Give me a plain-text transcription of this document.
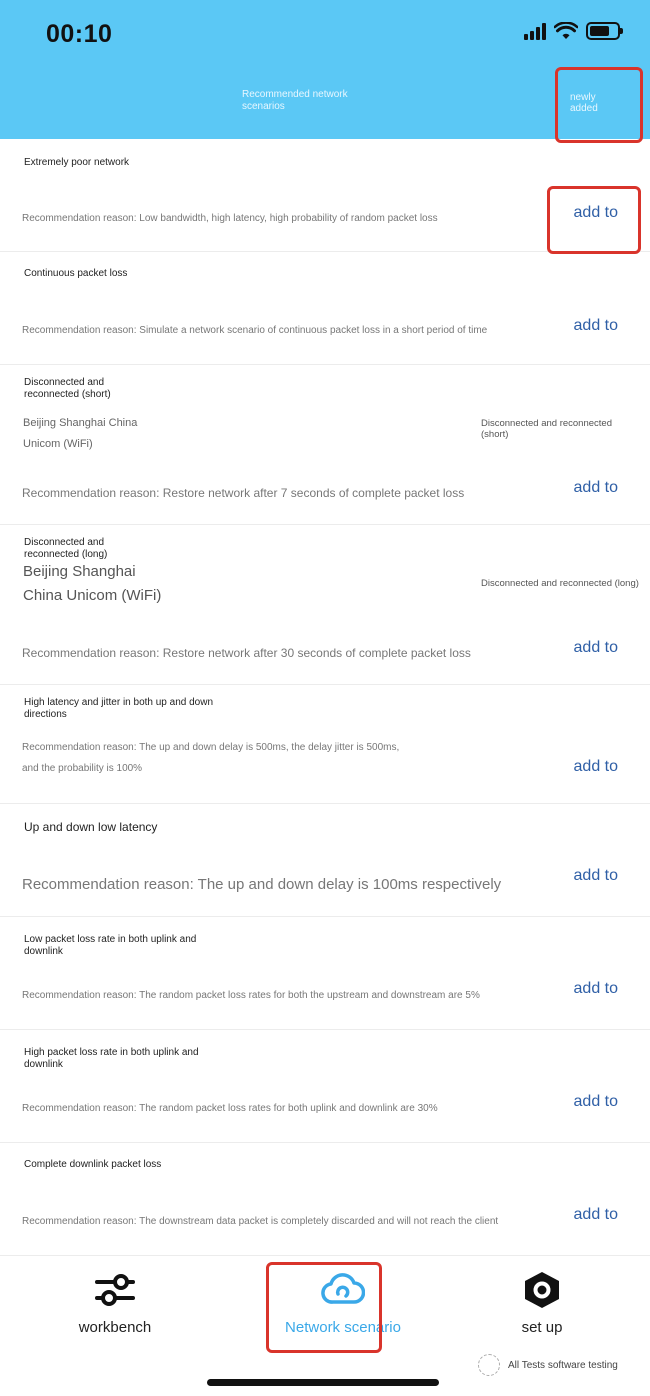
00:10
Recommended network scenarios
newly added
Extremely poor network
Recommendation reason: Low bandwidth, high latency, high probability of random packet loss	add to
Continuous packet loss
Recommendation reason: Simulate a network scenario of continuous packet loss in a short period of time	add to
Disconnected and reconnected (short)
Beijing Shanghai China
Unicom (WiFi)
Disconnected and reconnected (short)
Recommendation reason: Restore network after 7 seconds of complete packet loss	add to
Disconnected and reconnected (long)
Beijing Shanghai
China Unicom (WiFi)
Disconnected and reconnected (long)
Recommendation reason: Restore network after 30 seconds of complete packet loss	add to
High latency and jitter in both up and down directions
Recommendation reason: The up and down delay is 500ms, the delay jitter is 500ms,
and the probability is 100%	add to
Up and down low latency
Recommendation reason: The up and down delay is 100ms respectively
add to
Low packet loss rate in both uplink and downlink
Recommendation reason: The random packet loss rates for both the upstream and downstream are 5%	add to
High packet loss rate in both uplink and downlink
Recommendation reason: The random packet loss rates for both uplink and downlink are 30%	add to
Complete downlink packet loss
Recommendation reason: The downstream data packet is completely discarded and will not reach the client	add to
workbench	Network scenario	set up
All Tests software testing
